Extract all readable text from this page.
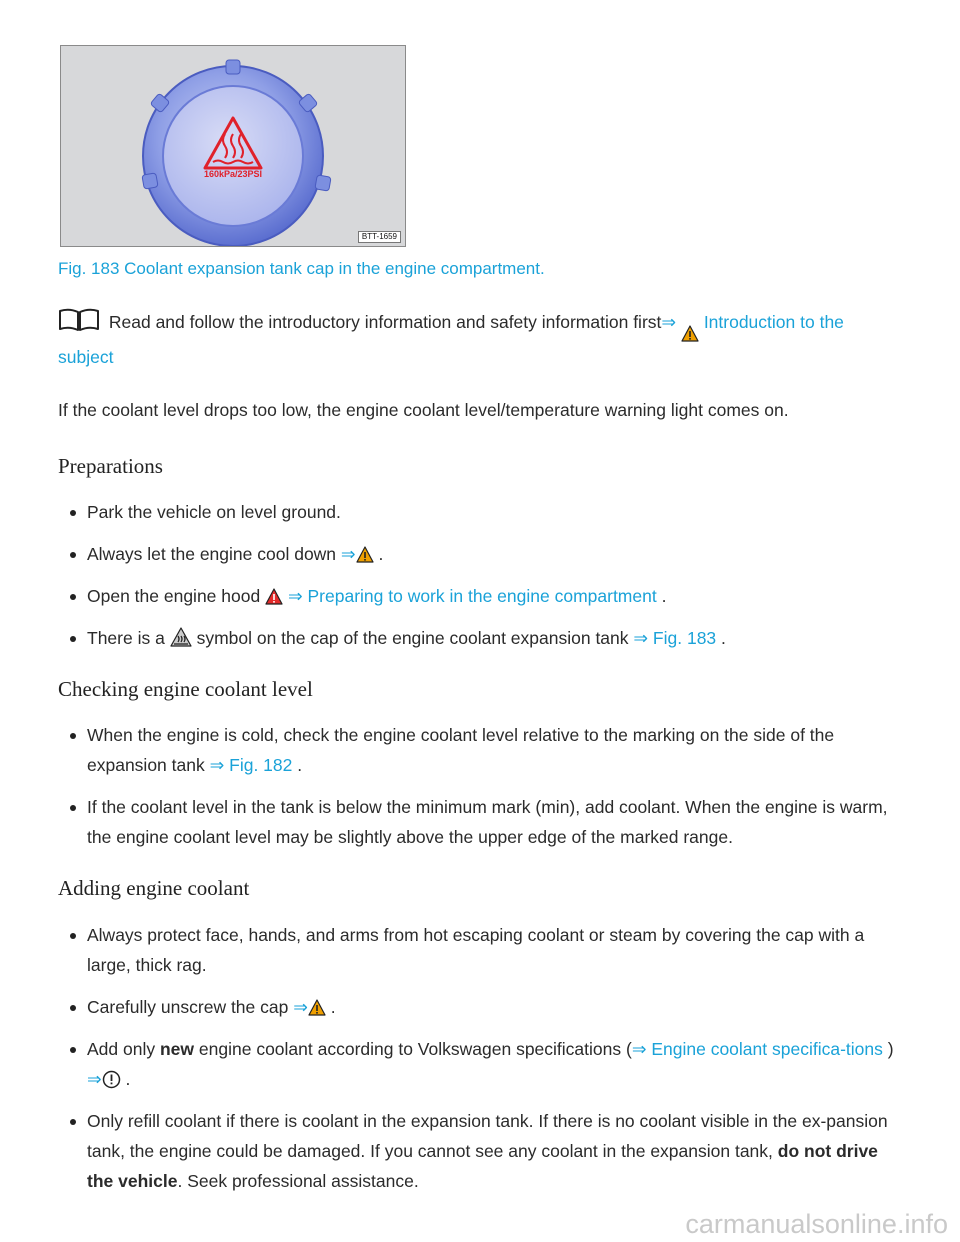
160kPa/23PSI
BTT-1659
Fig. 183 Coolant expansion tank cap in the engine compartment.
Read and follow the introductory information and safety information first⇒ Introduction to the subject
If the coolant level drops too low, the engine coolant level/temperature warning light comes on.
Preparations
Park the vehicle on level ground.
Always let the engine cool down ⇒ .
Open the engine hood ⇒ Preparing to work in the engine compartment .
There is a symbol on the cap of the engine coolant expansion tank ⇒ Fig. 183 .
Checking engine coolant level
When the engine is cold, check the engine coolant level relative to the marking on the side of the expansion tank ⇒ Fig. 182 .
If the coolant level in the tank is below the minimum mark (min), add coolant. When the engine is warm, the engine coolant level may be slightly above the upper edge of the marked range.
Adding engine coolant
Always protect face, hands, and arms from hot escaping coolant or steam by covering the cap with a large, thick rag.
Carefully unscrew the cap ⇒ .
Add only new engine coolant according to Volkswagen specifications (⇒ Engine coolant specifica-tions ) ⇒ .
Only refill coolant if there is coolant in the expansion tank. If there is no coolant visible in the ex-pansion tank, the engine could be damaged. If you cannot see any coolant in the expansion tank, do not drive the vehicle. Seek professional assistance.
carmanualsonline.info
